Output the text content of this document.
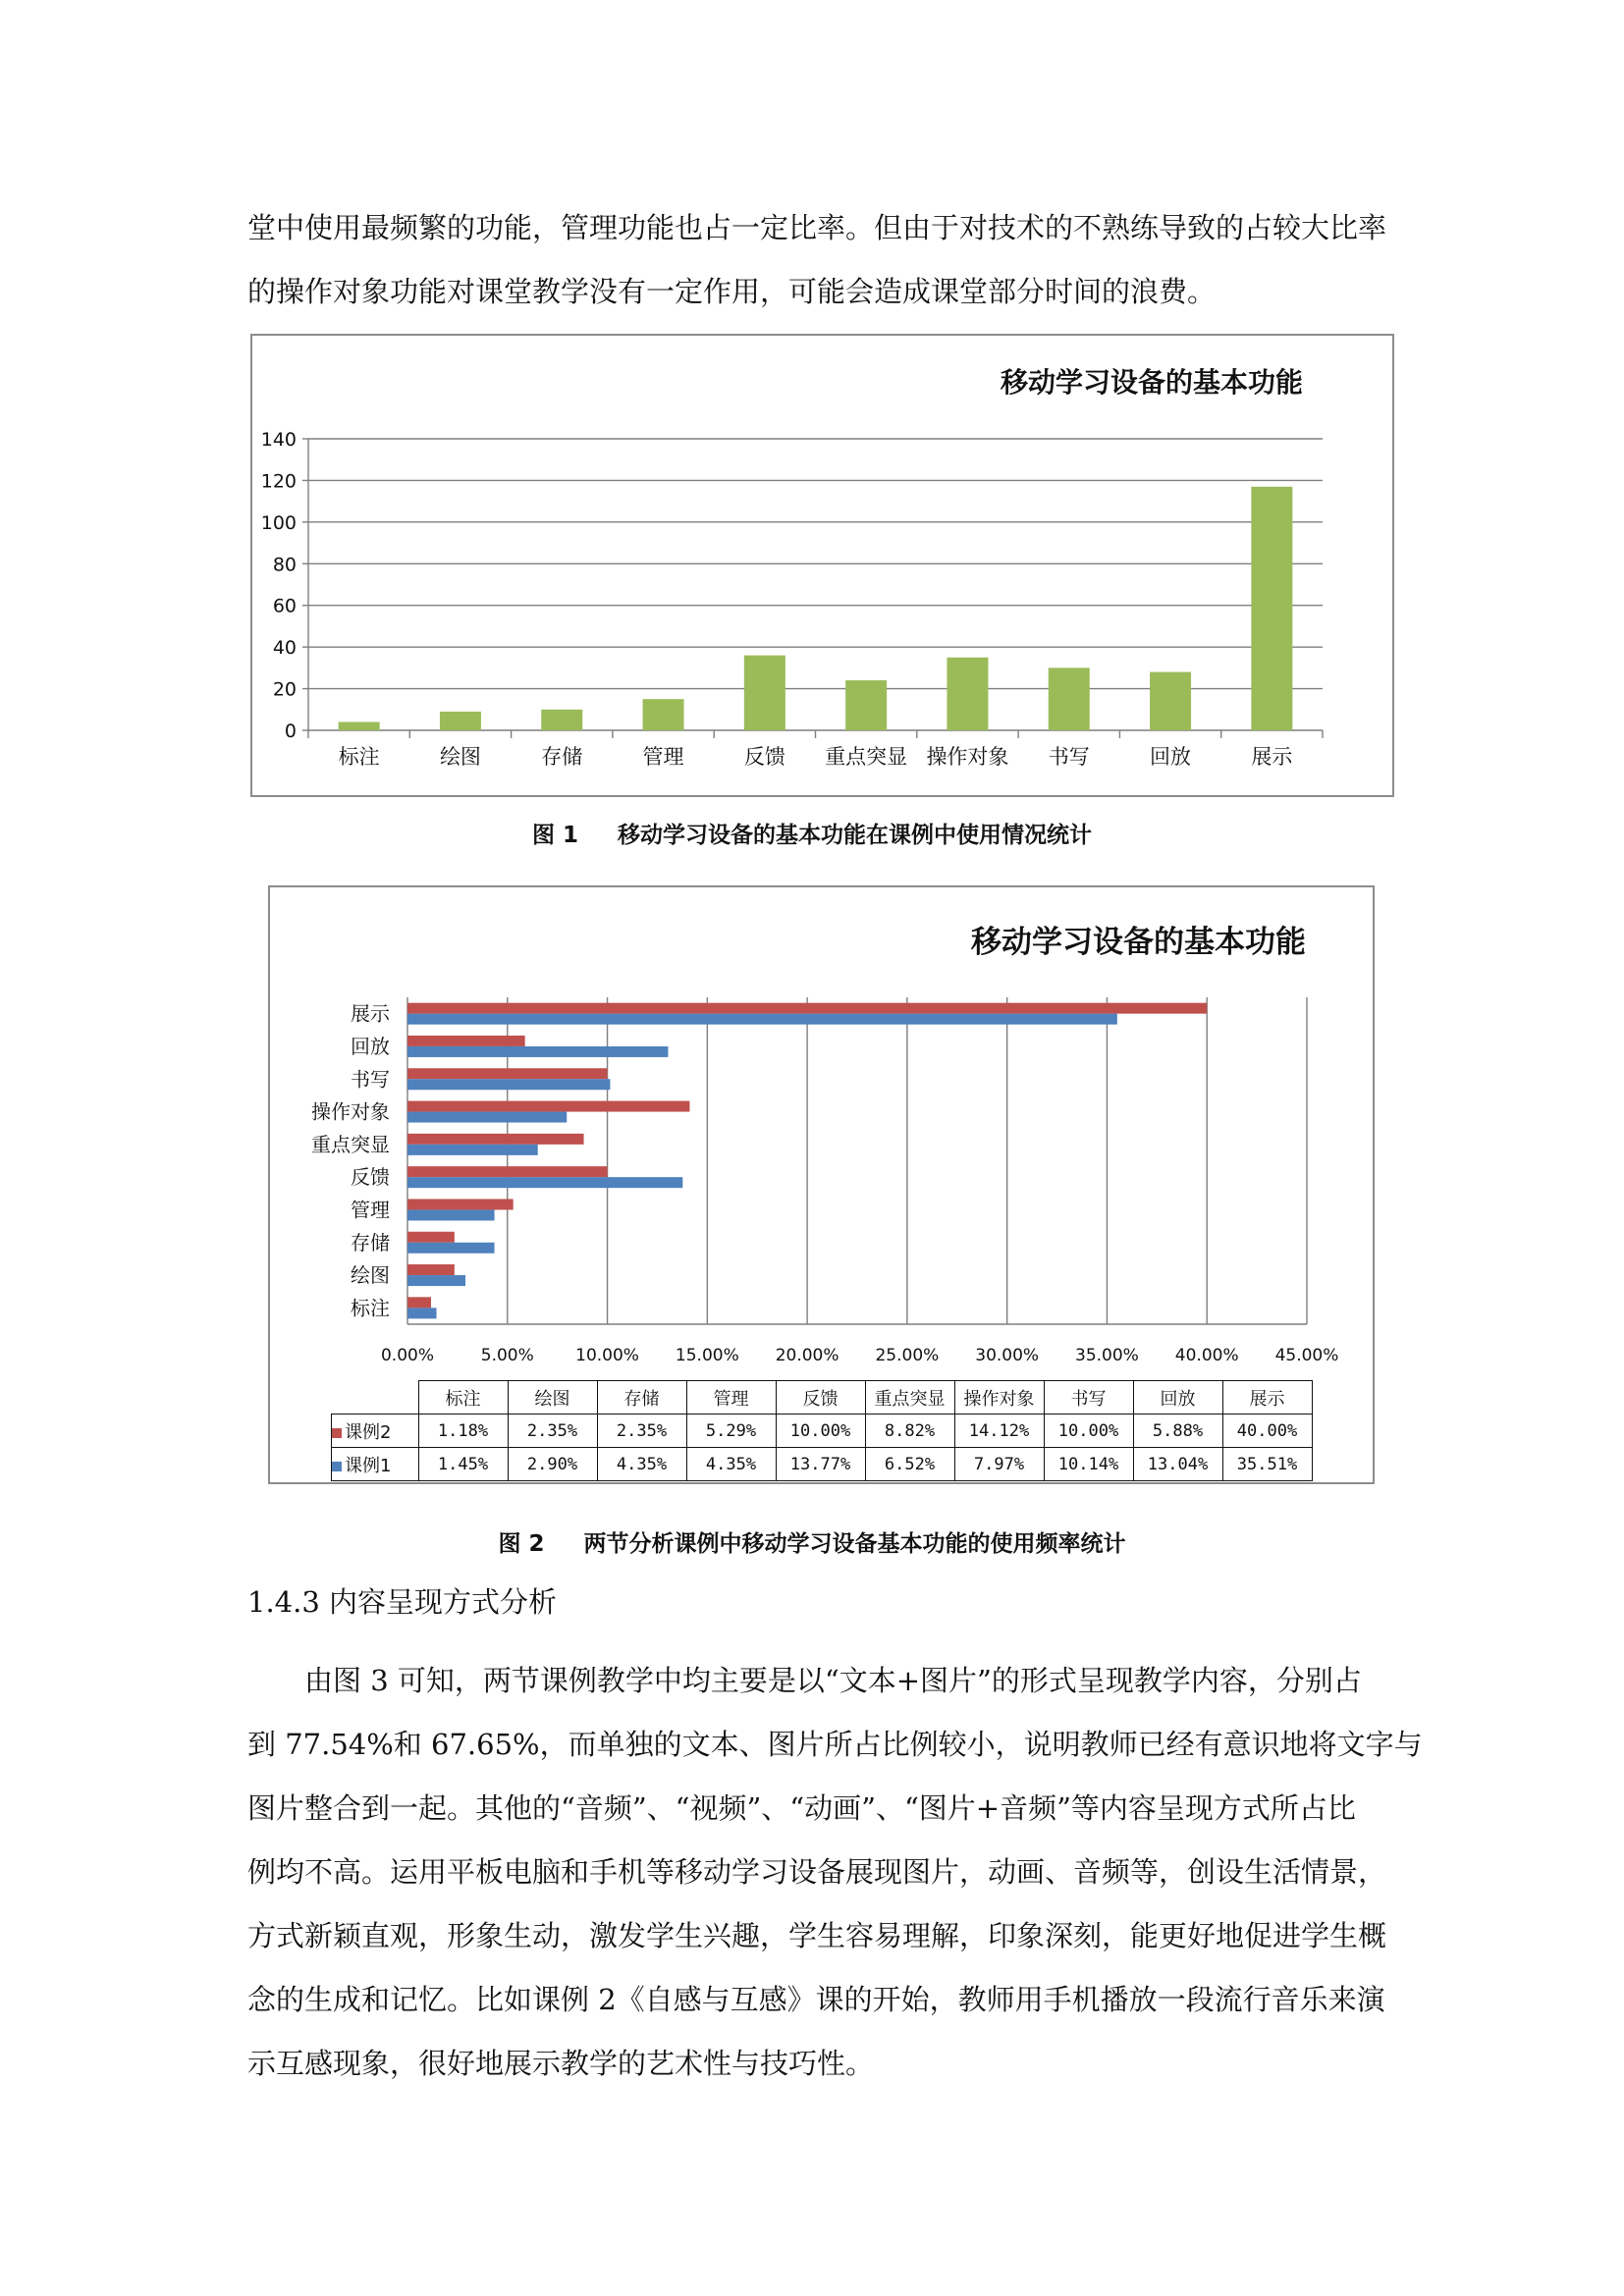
堂中使用最频繁的功能，管理功能也占一定比率。但由于对技术的不熟练导致的占较大比率
的操作对象功能对课堂教学没有一定作用，可能会造成课堂部分时间的浪费。
移动学习设备的基本功能
0
20
40
60
80
100
120
140
标注	绘图	存储	管理	反馈 重点突显 操作对象 书写	回放	展示
图 1 移动学习设备的基本功能在课例中使用情况统计
移动学习设备的基本功能
0.00%	5.00% 10.00% 15.00% 20.00% 25.00% 30.00% 35.00% 40.00% 45.00%
标注
绘图
存储
管理
反馈
重点突显
操作对象
书写
回放
展示
	标注	绘图	存储	管理	反馈	重点突显	操作对象	书写	回放	展示
课例2	1.18%	2.35%	2.35%	5.29%	10.00%	8.82%	14.12%	10.00%	5.88%	40.00%
课例1	1.45%	2.90%	4.35%	4.35%	13.77%	6.52%	7.97%	10.14%	13.04%	35.51%
图 2 两节分析课例中移动学习设备基本功能的使用频率统计
1.4.3 内容呈现方式分析
由图 3 可知，两节课例教学中均主要是以“文本+图片”的形式呈现教学内容，分别占
到 77.54%和 67.65%，而单独的文本、图片所占比例较小，说明教师已经有意识地将文字与
图片整合到一起。其他的“音频”、“视频”、“动画”、“图片+音频”等内容呈现方式所占比
例均不高。运用平板电脑和手机等移动学习设备展现图片，动画、音频等，创设生活情景，
方式新颖直观，形象生动，激发学生兴趣，学生容易理解，印象深刻，能更好地促进学生概
念的生成和记忆。比如课例 2《自感与互感》课的开始，教师用手机播放一段流行音乐来演
示互感现象，很好地展示教学的艺术性与技巧性。
